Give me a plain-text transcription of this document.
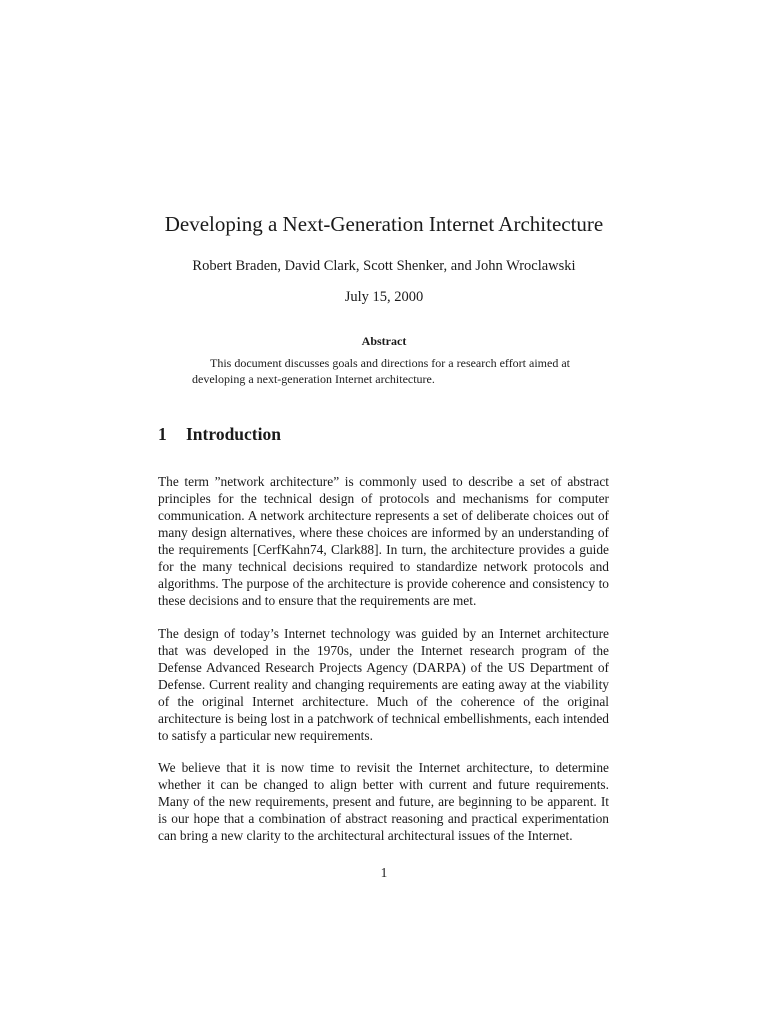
Developing a Next-Generation Internet Architecture

Robert Braden, David Clark, Scott Shenker, and John Wroclawski

July 15, 2000

Abstract

This document discusses goals and directions for a research effort aimed at developing a next-generation Internet architecture.

1 Introduction

The term ”network architecture” is commonly used to describe a set of abstract principles for the technical design of protocols and mechanisms for computer communication. A network architecture represents a set of deliberate choices out of many design alternatives, where these choices are informed by an understanding of the requirements [CerfKahn74, Clark88]. In turn, the architecture provides a guide for the many technical decisions required to standardize network protocols and algorithms. The purpose of the architecture is provide coherence and consistency to these decisions and to ensure that the requirements are met.

The design of today’s Internet technology was guided by an Internet architecture that was developed in the 1970s, under the Internet research program of the Defense Advanced Research Projects Agency (DARPA) of the US Department of Defense. Current reality and changing requirements are eating away at the viability of the original Internet architecture. Much of the coherence of the original architecture is being lost in a patchwork of technical embellishments, each intended to satisfy a particular new requirements.

We believe that it is now time to revisit the Internet architecture, to determine whether it can be changed to align better with current and future requirements. Many of the new requirements, present and future, are beginning to be apparent. It is our hope that a combination of abstract reasoning and practical experimentation can bring a new clarity to the architectural architectural issues of the Internet.

1
